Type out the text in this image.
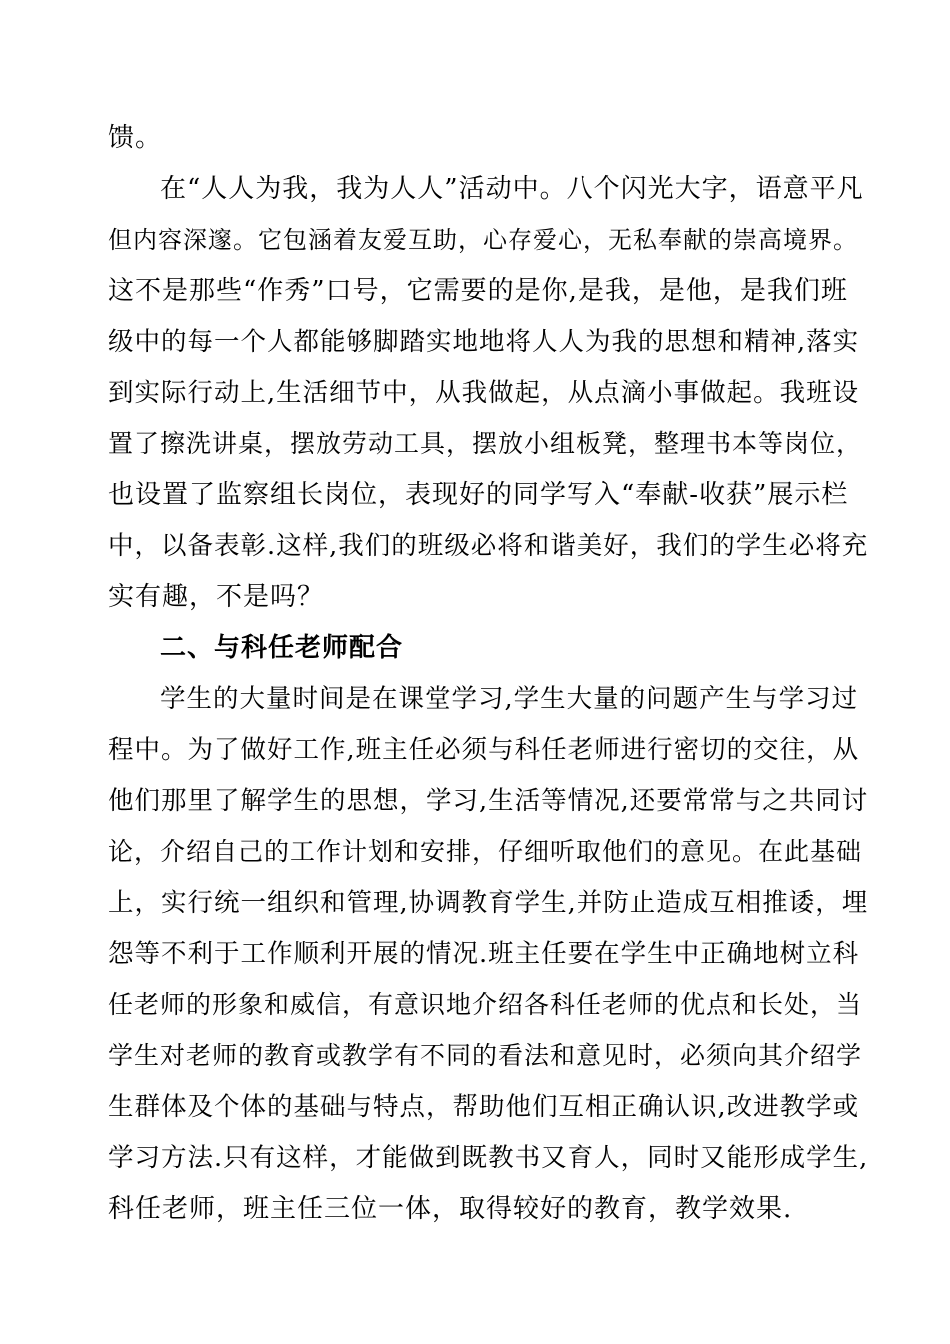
馈。
在“人人为我，我为人人”活动中。八个闪光大字，语意平凡
但内容深邃。它包涵着友爱互助，心存爱心，无私奉献的崇高境界。
这不是那些“作秀”口号，它需要的是你,是我，是他，是我们班
级中的每一个人都能够脚踏实地地将人人为我的思想和精神,落实
到实际行动上,生活细节中，从我做起，从点滴小事做起。我班设
置了擦洗讲桌，摆放劳动工具，摆放小组板凳，整理书本等岗位，
也设置了监察组长岗位，表现好的同学写入“奉献-收获”展示栏
中，以备表彰.这样,我们的班级必将和谐美好，我们的学生必将充
实有趣，不是吗？
二、与科任老师配合
学生的大量时间是在课堂学习,学生大量的问题产生与学习过
程中。为了做好工作,班主任必须与科任老师进行密切的交往，从
他们那里了解学生的思想，学习,生活等情况,还要常常与之共同讨
论，介绍自己的工作计划和安排，仔细听取他们的意见。在此基础
上，实行统一组织和管理,协调教育学生,并防止造成互相推诿，埋
怨等不利于工作顺利开展的情况.班主任要在学生中正确地树立科
任老师的形象和威信，有意识地介绍各科任老师的优点和长处，当
学生对老师的教育或教学有不同的看法和意见时，必须向其介绍学
生群体及个体的基础与特点，帮助他们互相正确认识,改进教学或
学习方法.只有这样，才能做到既教书又育人，同时又能形成学生,
科任老师，班主任三位一体，取得较好的教育，教学效果.
